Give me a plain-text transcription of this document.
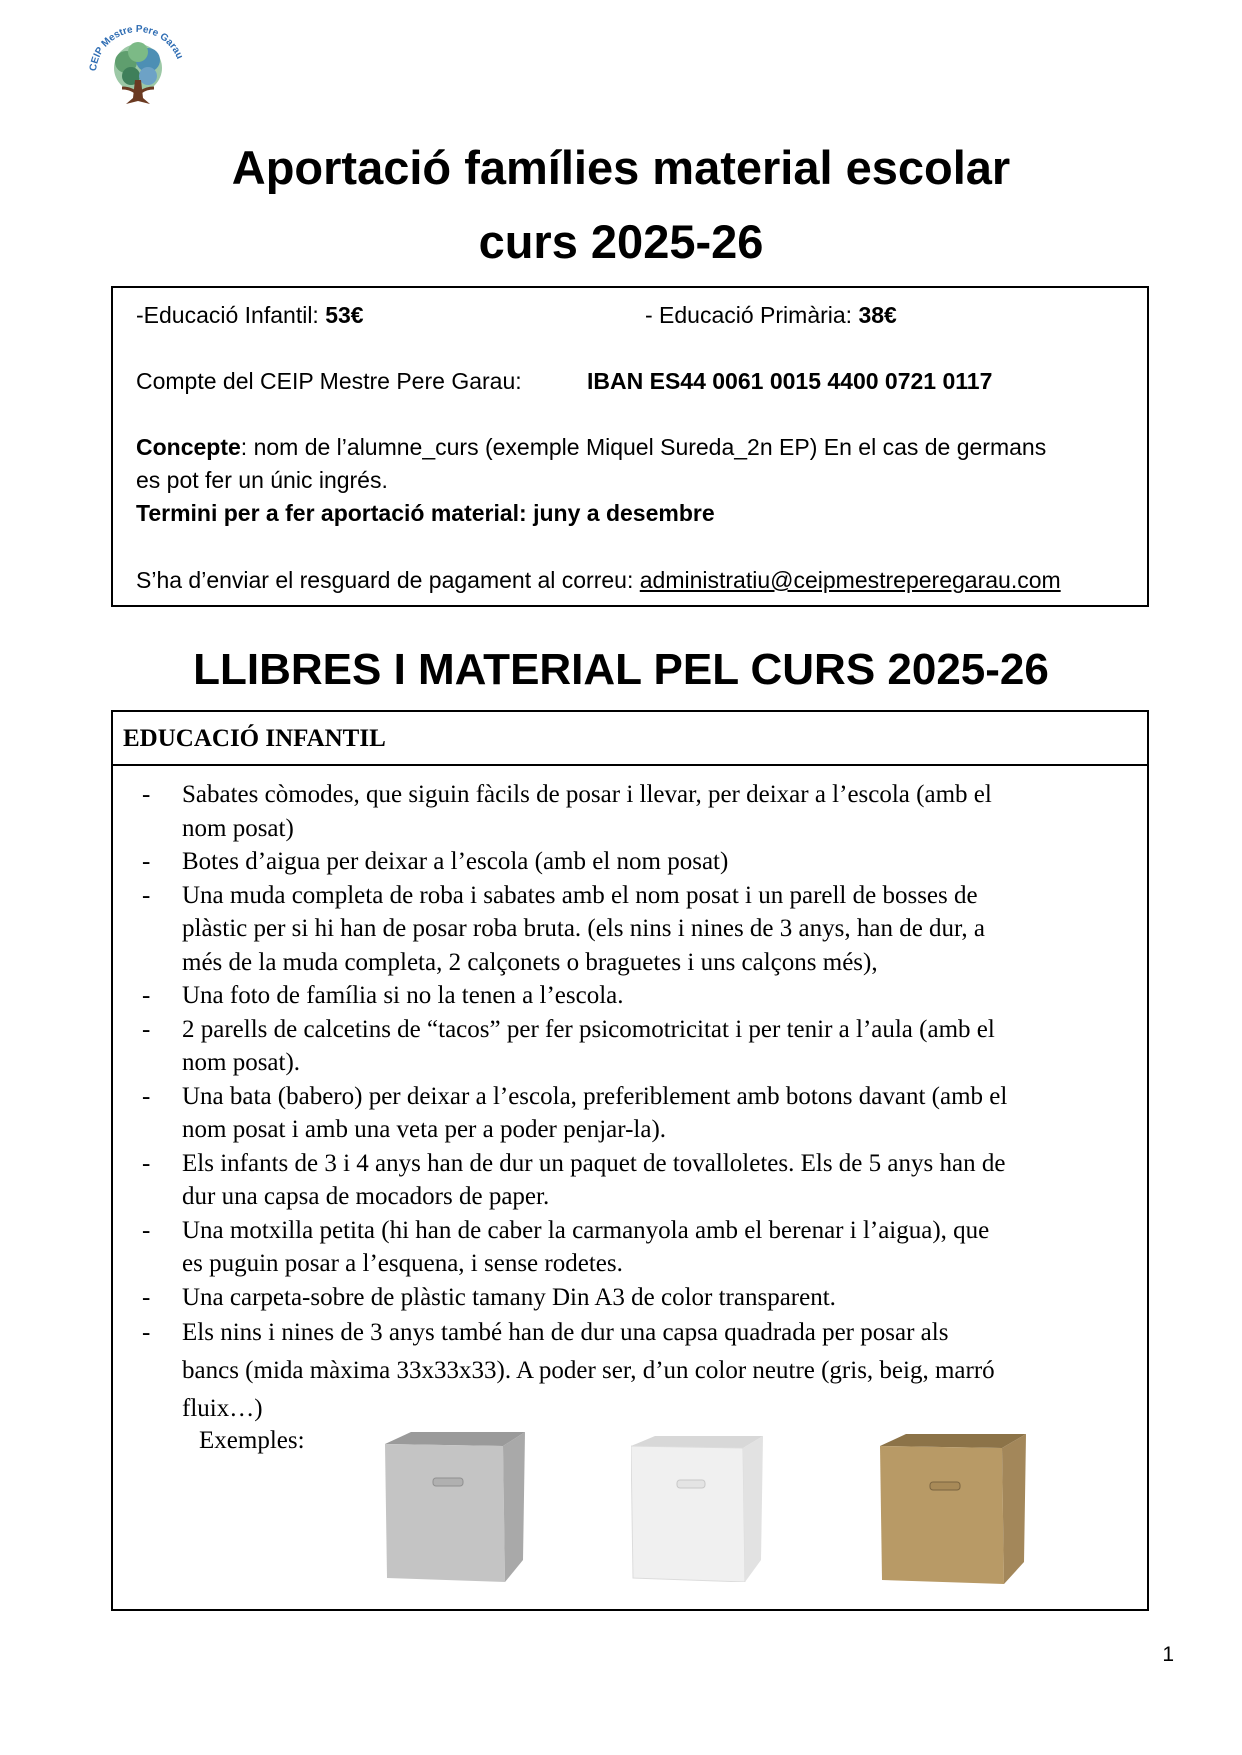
CEIP Mestre Pere Garau
Aportació famílies material escolar
curs 2025-26
-Educació Infantil: 53€	- Educació Primària: 38€
Compte del CEIP Mestre Pere Garau:	IBAN ES44 0061 0015 4400 0721 0117
Concepte: nom de l’alumne_curs (exemple Miquel Sureda_2n EP) En el cas de germans
es pot fer un únic ingrés.
Termini per a fer aportació material: juny a desembre
S’ha d’enviar el resguard de pagament al correu: administratiu@ceipmestreperegarau.com
LLIBRES I MATERIAL PEL CURS 2025-26
EDUCACIÓ INFANTIL
- Sabates còmodes, que siguin fàcils de posar i llevar, per deixar a l’escola (amb el
nom posat)
- Botes d’aigua per deixar a l’escola (amb el nom posat)
- Una muda completa de roba i sabates amb el nom posat i un parell de bosses de
plàstic per si hi han de posar roba bruta. (els nins i nines de 3 anys, han de dur, a
més de la muda completa, 2 calçonets o braguetes i uns calçons més),
- Una foto de família si no la tenen a l’escola.
- 2 parells de calcetins de “tacos” per fer psicomotricitat i per tenir a l’aula (amb el
nom posat).
- Una bata (babero) per deixar a l’escola, preferiblement amb botons davant (amb el
nom posat i amb una veta per a poder penjar-la).
- Els infants de 3 i 4 anys han de dur un paquet de tovalloletes. Els de 5 anys han de
dur una capsa de mocadors de paper.
- Una motxilla petita (hi han de caber la carmanyola amb el berenar i l’aigua), que
es puguin posar a l’esquena, i sense rodetes.
- Una carpeta-sobre de plàstic tamany Din A3 de color transparent.
- Els nins i nines de 3 anys també han de dur una capsa quadrada per posar als
bancs (mida màxima 33x33x33). A poder ser, d’un color neutre (gris, beig, marró
fluix…)
Exemples:
1
